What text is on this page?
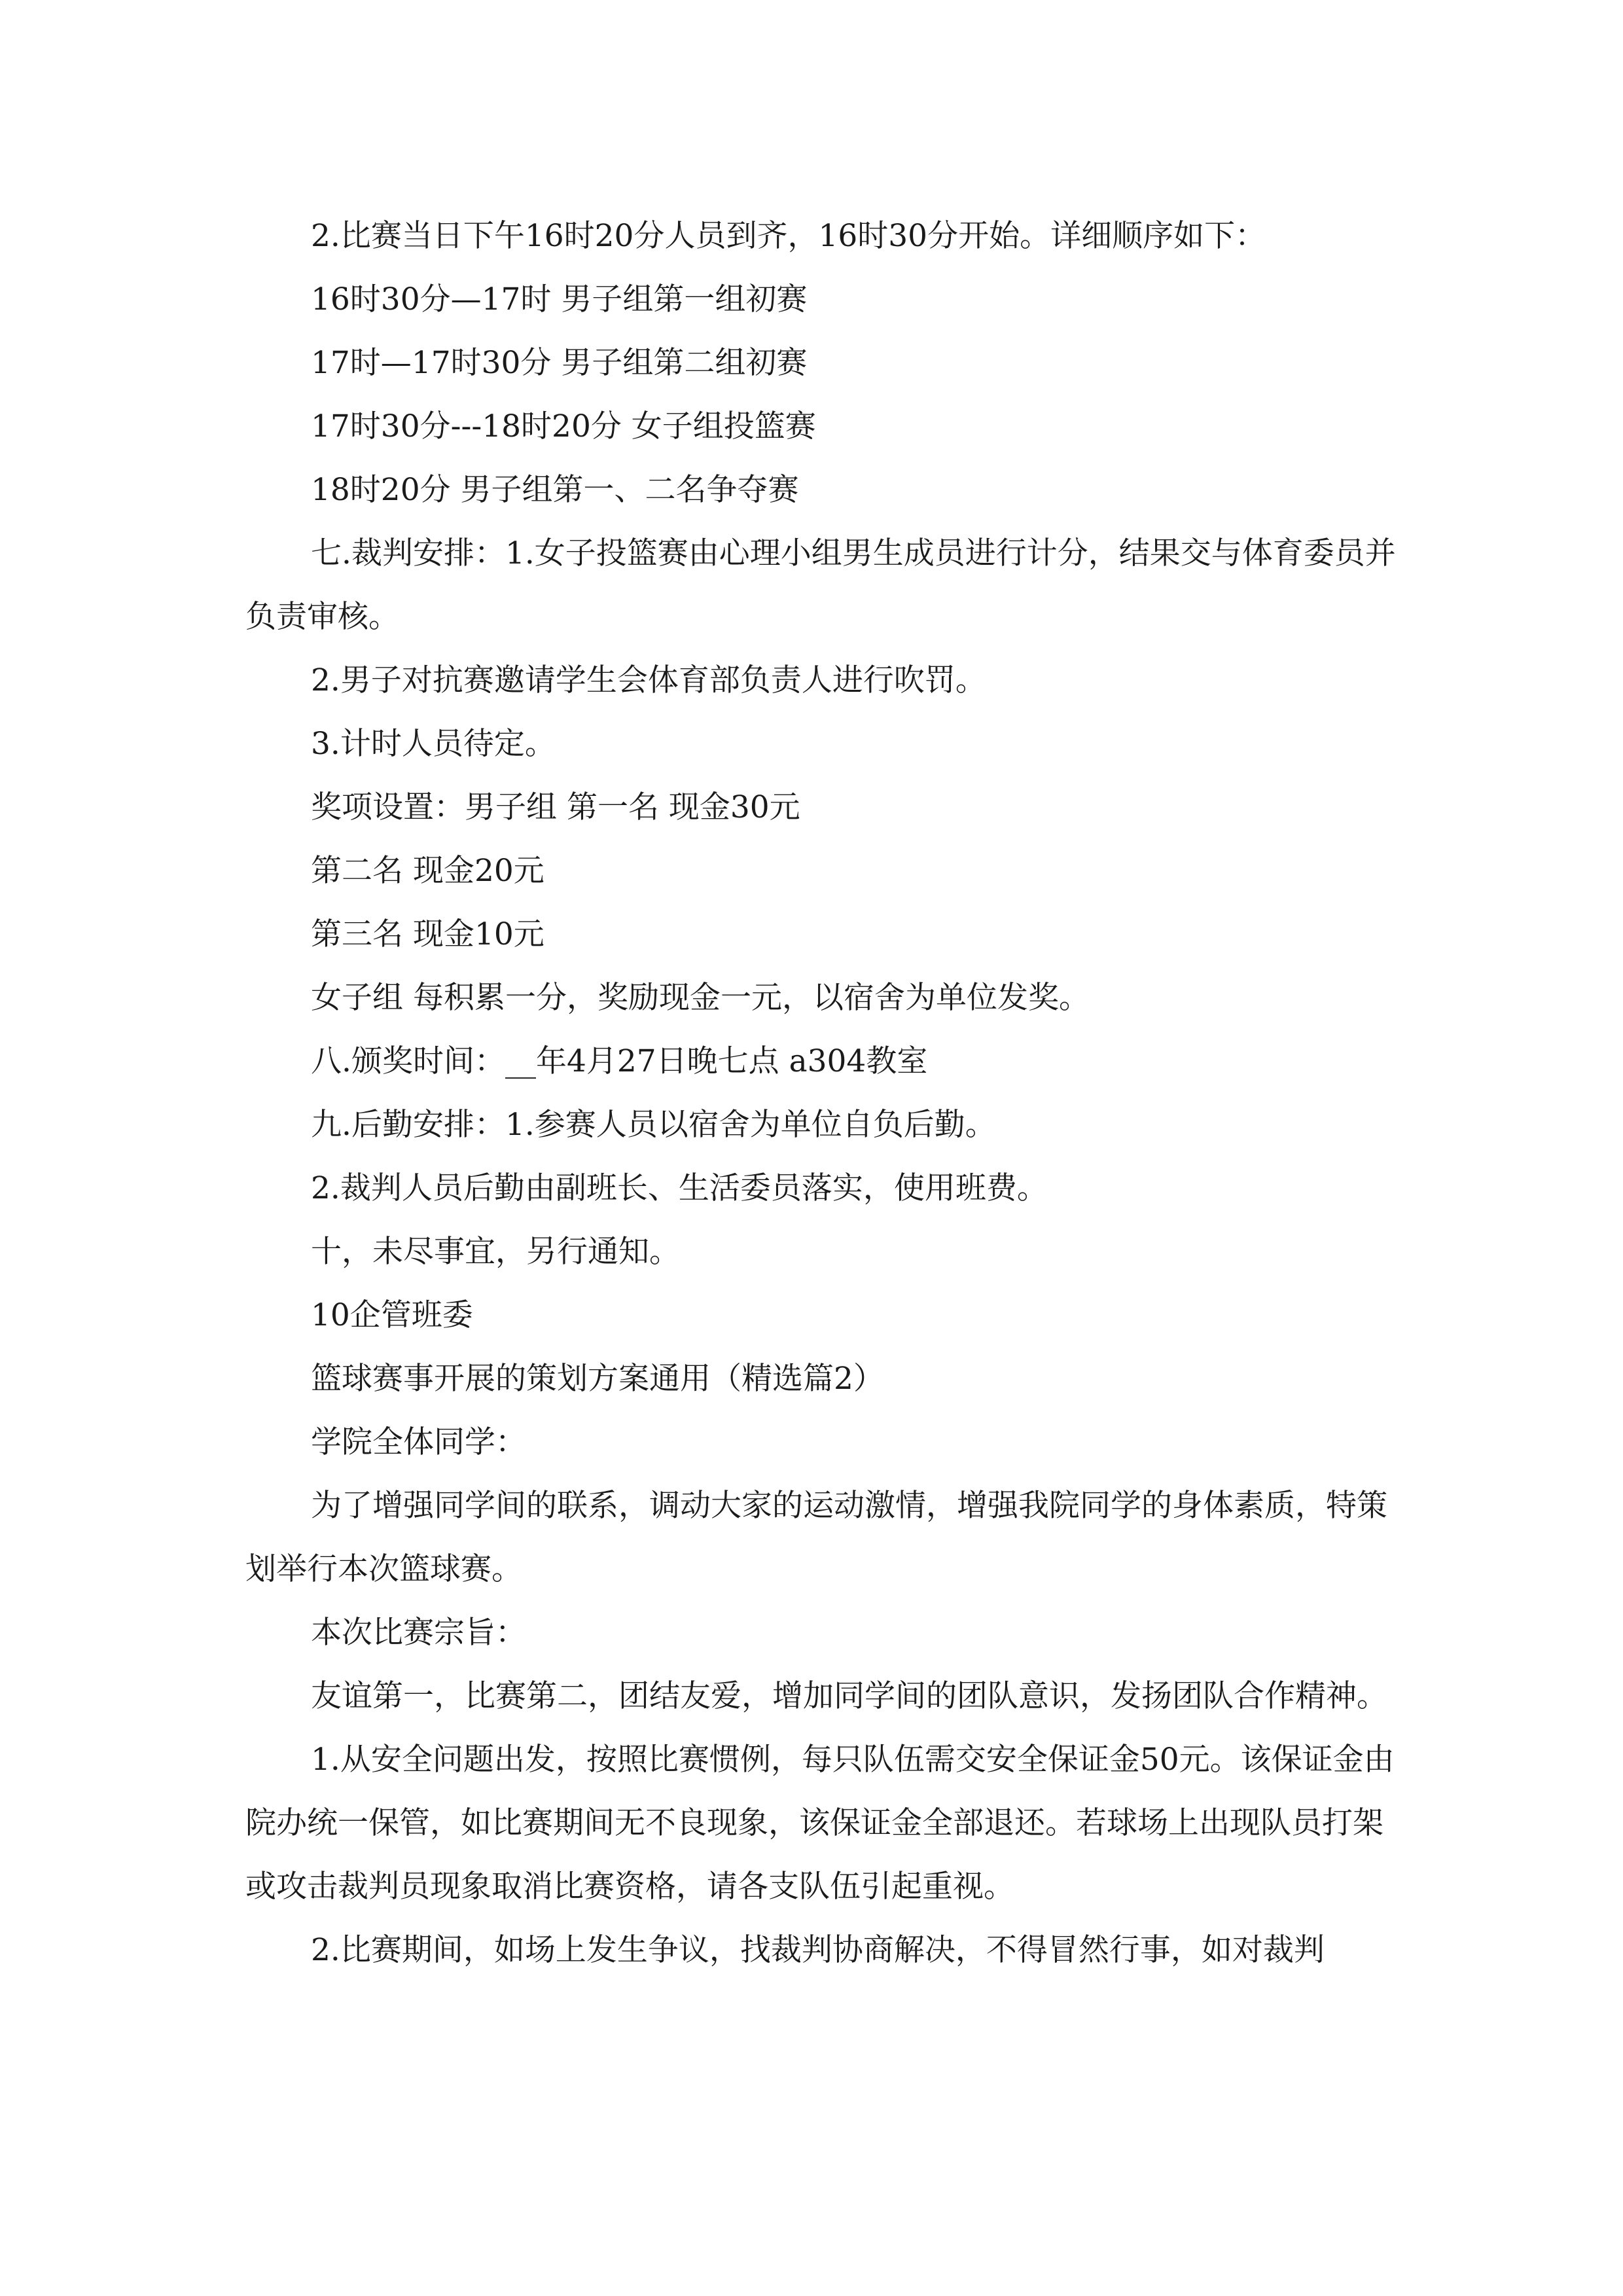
2.比赛当日下午16时20分人员到齐，16时30分开始。详细顺序如下：

16时30分—17时 男子组第一组初赛

17时—17时30分 男子组第二组初赛

17时30分---18时20分 女子组投篮赛

18时20分 男子组第一、二名争夺赛

七.裁判安排：1.女子投篮赛由心理小组男生成员进行计分，结果交与体育委员并负责审核。

2.男子对抗赛邀请学生会体育部负责人进行吹罚。

3.计时人员待定。

奖项设置：男子组 第一名 现金30元

第二名 现金20元

第三名 现金10元

女子组 每积累一分，奖励现金一元，以宿舍为单位发奖。

八.颁奖时间：__年4月27日晚七点 a304教室

九.后勤安排：1.参赛人员以宿舍为单位自负后勤。

2.裁判人员后勤由副班长、生活委员落实，使用班费。

十，未尽事宜，另行通知。

10企管班委

篮球赛事开展的策划方案通用（精选篇2）

学院全体同学：

为了增强同学间的联系，调动大家的运动激情，增强我院同学的身体素质，特策划举行本次篮球赛。

本次比赛宗旨：

友谊第一，比赛第二，团结友爱，增加同学间的团队意识，发扬团队合作精神。

1.从安全问题出发，按照比赛惯例，每只队伍需交安全保证金50元。该保证金由院办统一保管，如比赛期间无不良现象，该保证金全部退还。若球场上出现队员打架或攻击裁判员现象取消比赛资格，请各支队伍引起重视。

2.比赛期间，如场上发生争议，找裁判协商解决，不得冒然行事，如对裁判
